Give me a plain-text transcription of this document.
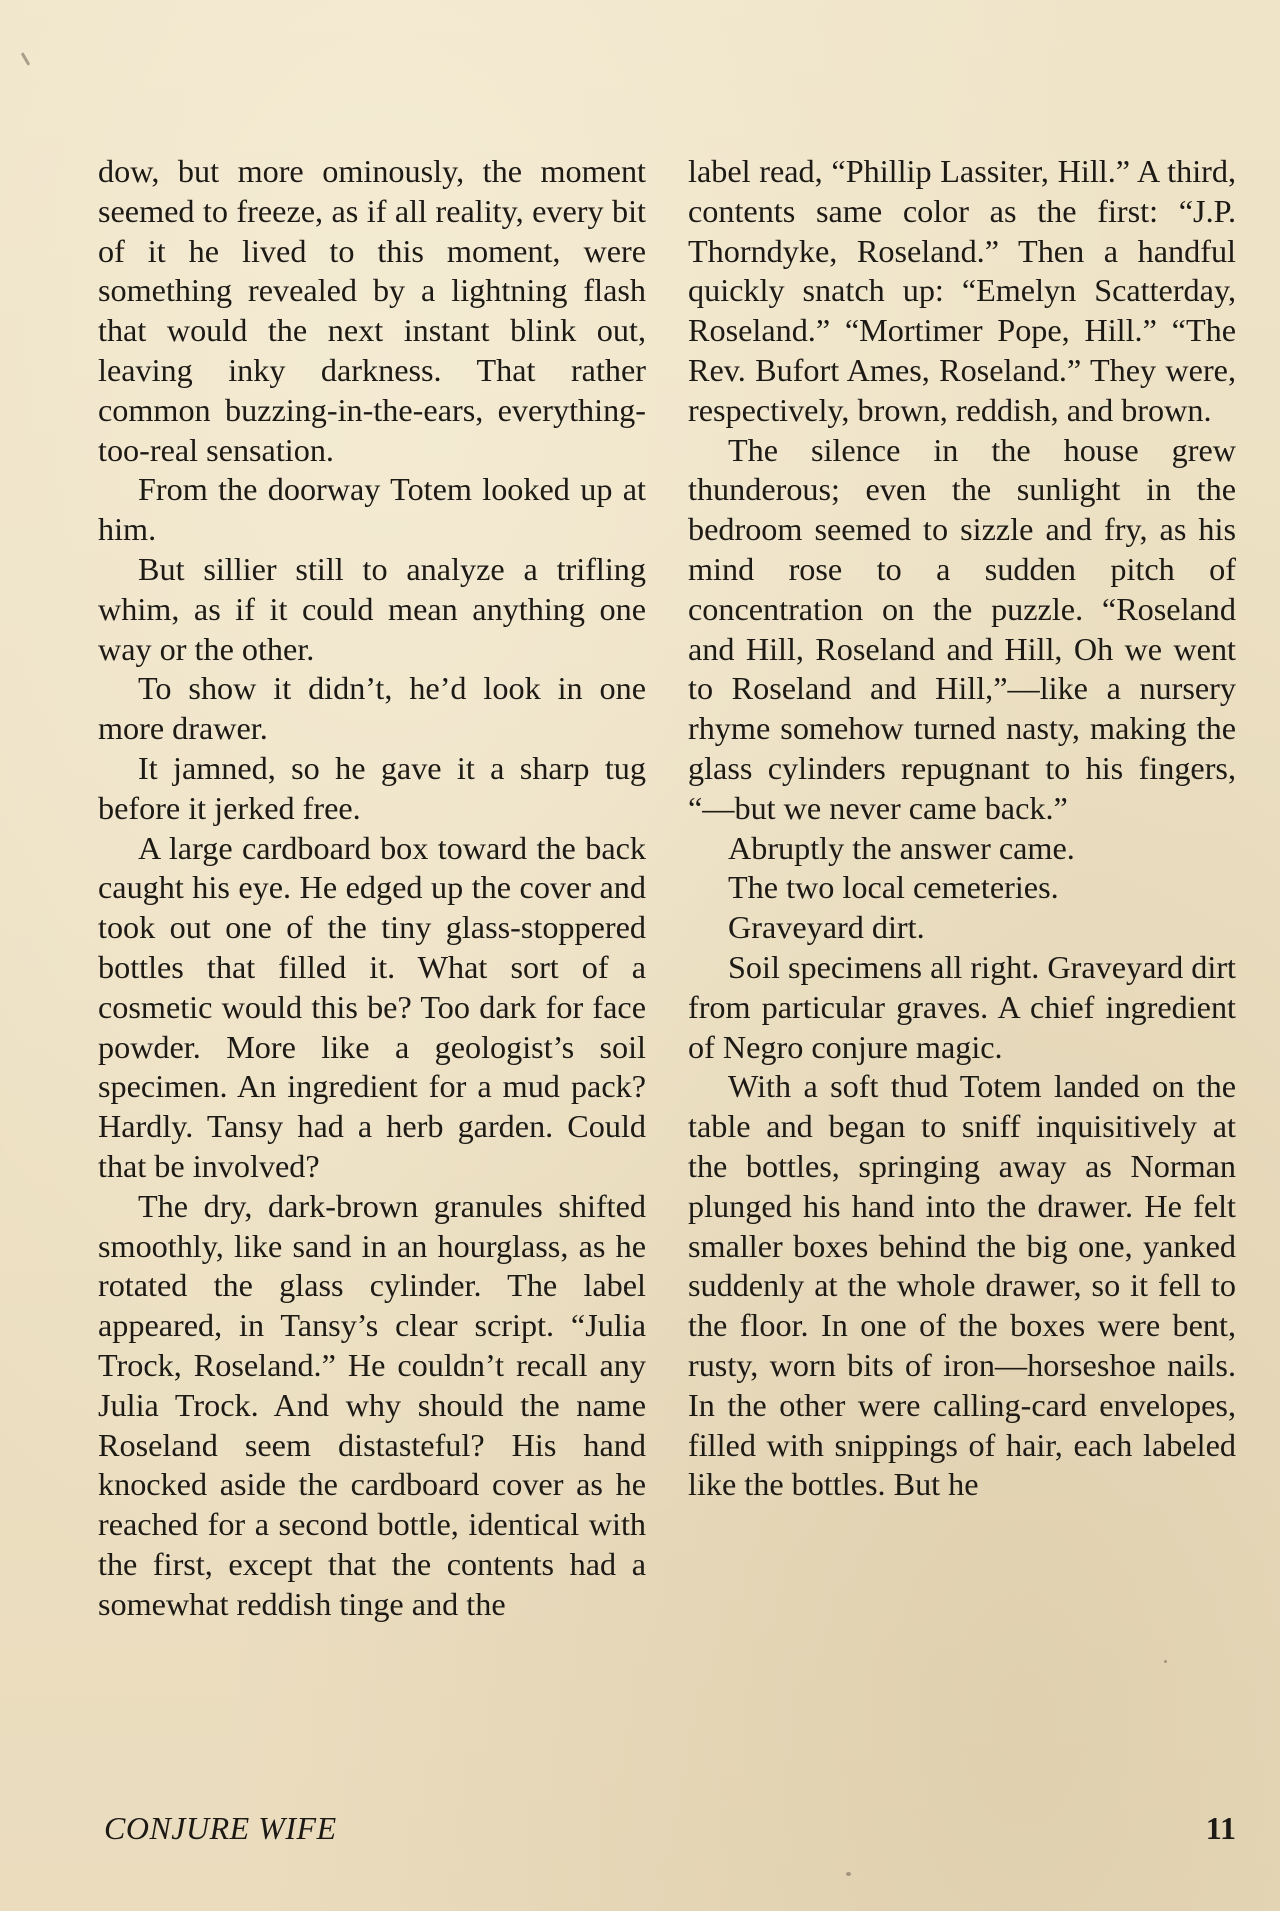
dow, but more ominously, the moment seemed to freeze, as if all reality, every bit of it he lived to this moment, were something revealed by a lightning flash that would the next instant blink out, leaving inky darkness. That rather common buzzing-in-the-ears, everything-too-real sensation.

From the doorway Totem looked up at him.

But sillier still to analyze a trifling whim, as if it could mean anything one way or the other.

To show it didn’t, he’d look in one more drawer.

It jamned, so he gave it a sharp tug before it jerked free.

A large cardboard box toward the back caught his eye. He edged up the cover and took out one of the tiny glass-stoppered bottles that filled it. What sort of a cosmetic would this be? Too dark for face powder. More like a geologist’s soil specimen. An ingredient for a mud pack? Hardly. Tansy had a herb garden. Could that be involved?

The dry, dark-brown granules shifted smoothly, like sand in an hourglass, as he rotated the glass cylinder. The label appeared, in Tansy’s clear script. “Julia Trock, Roseland.” He couldn’t recall any Julia Trock. And why should the name Roseland seem distasteful? His hand knocked aside the cardboard cover as he reached for a second bottle, identical with the first, except that the contents had a somewhat reddish tinge and the

label read, “Phillip Lassiter, Hill.” A third, contents same color as the first: “J.P. Thorndyke, Roseland.” Then a handful quickly snatch up: “Emelyn Scatterday, Roseland.” “Mortimer Pope, Hill.” “The Rev. Bufort Ames, Roseland.” They were, respectively, brown, reddish, and brown.

The silence in the house grew thunderous; even the sunlight in the bedroom seemed to sizzle and fry, as his mind rose to a sudden pitch of concentration on the puzzle. “Roseland and Hill, Roseland and Hill, Oh we went to Roseland and Hill,”—like a nursery rhyme somehow turned nasty, making the glass cylinders repugnant to his fingers, “—but we never came back.”

Abruptly the answer came.

The two local cemeteries.

Graveyard dirt.

Soil specimens all right. Graveyard dirt from particular graves. A chief ingredient of Negro conjure magic.

With a soft thud Totem landed on the table and began to sniff inquisitively at the bottles, springing away as Norman plunged his hand into the drawer. He felt smaller boxes behind the big one, yanked suddenly at the whole drawer, so it fell to the floor. In one of the boxes were bent, rusty, worn bits of iron—horseshoe nails. In the other were calling-card envelopes, filled with snippings of hair, each labeled like the bottles. But he

CONJURE WIFE	11
